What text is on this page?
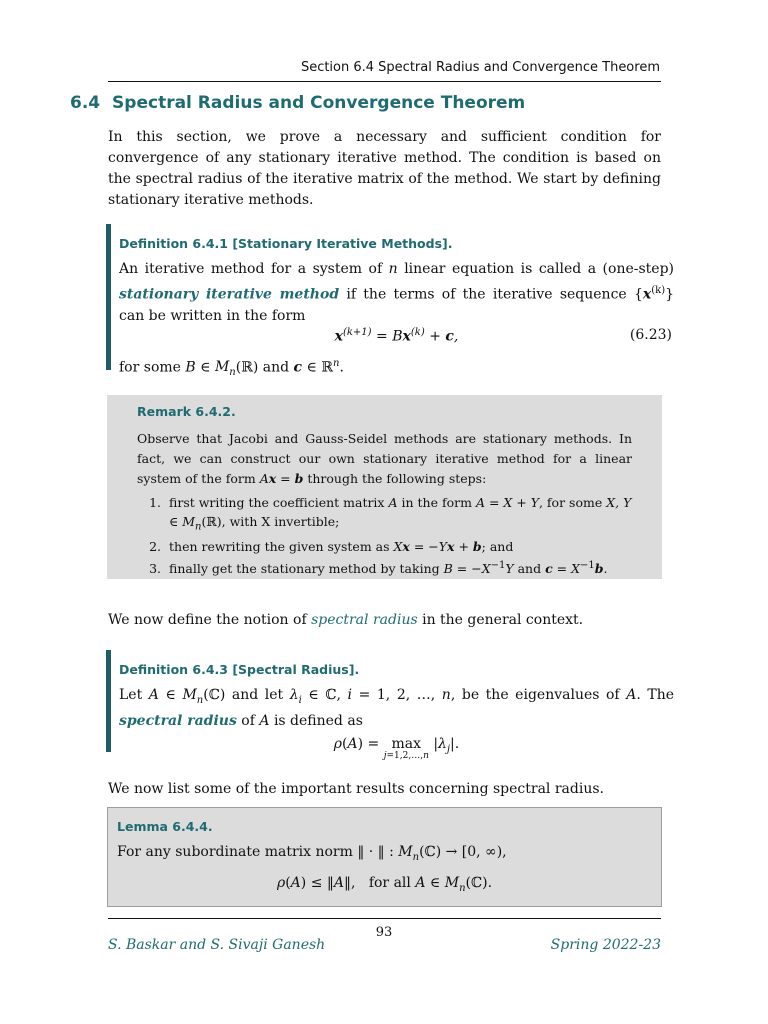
Section 6.4 Spectral Radius and Convergence Theorem
6.4 Spectral Radius and Convergence Theorem
In this section, we prove a necessary and sufficient condition for convergence of any stationary iterative method. The condition is based on the spectral radius of the iterative matrix of the method. We start by defining stationary iterative methods.
Definition 6.4.1 [Stationary Iterative Methods].
An iterative method for a system of n linear equation is called a (one-step) stationary iterative method if the terms of the iterative sequence $\{x^{(k)}\}$ can be written in the form
$x^{(k+1)} = Bx^{(k)} + c$,	(6.23)
for some B ∈ $M_n(ℝ)$ and c ∈ ℝ$^n$.
Remark 6.4.2.
Observe that Jacobi and Gauss-Seidel methods are stationary methods. In fact, we can construct our own stationary iterative method for a linear system of the form Ax = b through the following steps:
1. first writing the coefficient matrix A in the form A = X + Y, for some X, Y ∈ $M_n(ℝ)$, with X invertible;
2. then rewriting the given system as Xx = −Yx + b; and
3. finally get the stationary method by taking $B = -X^{-1}Y$ and $c = X^{-1}b$.
We now define the notion of spectral radius in the general context.
Definition 6.4.3 [Spectral Radius].
Let A ∈ $M_n(ℂ)$ and let $\lambda_i$ ∈ ℂ, i = 1, 2, …, n, be the eigenvalues of A. The spectral radius of A is defined as
ρ(A) = max
$^{j=1,2,\dots,n}$ $|\lambda_j|$.
We now list some of the important results concerning spectral radius.
Lemma 6.4.4.
For any subordinate matrix norm ‖ · ‖ : $M_n(ℂ) \to [0$, ∞),
ρ(A) ≤ ‖A‖,   for all A ∈ $M_n(ℂ)$.
93
S. Baskar and S. Sivaji Ganesh	Spring 2022-23
